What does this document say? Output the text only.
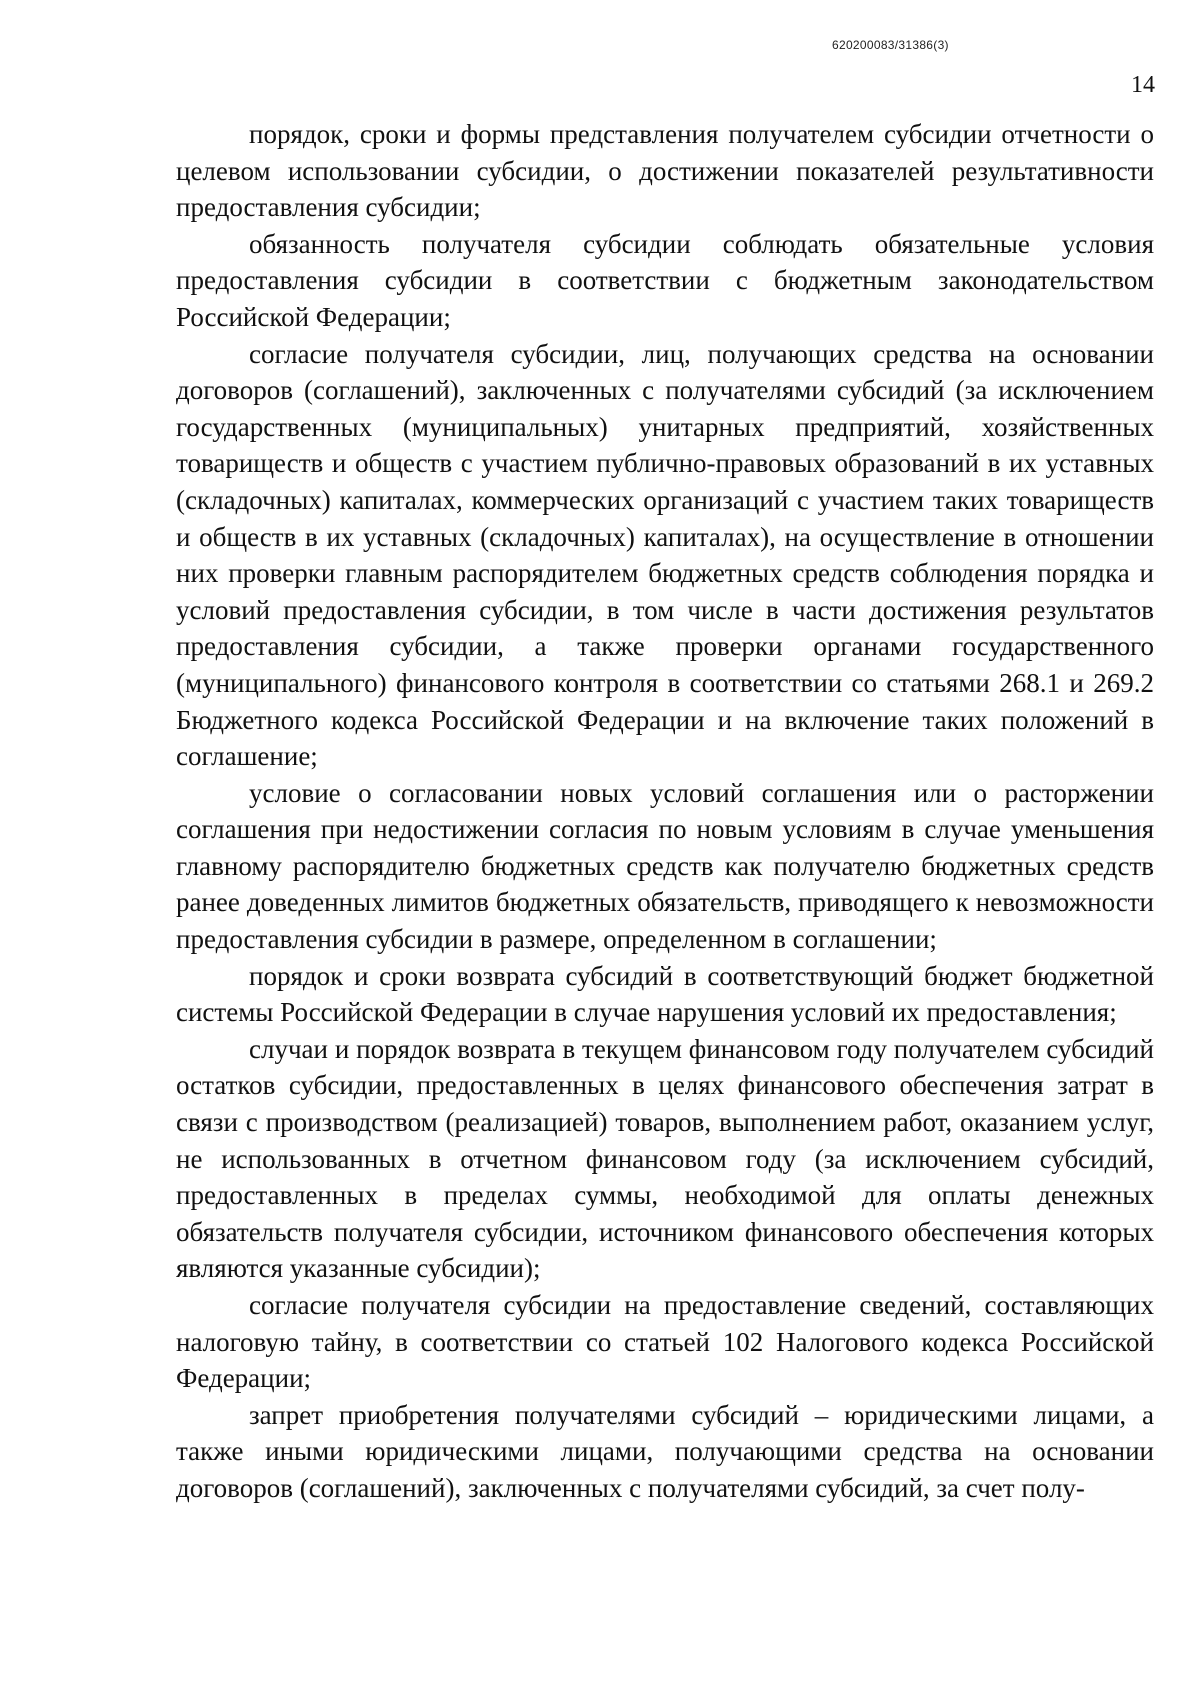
620200083/31386(3)
14

порядок, сроки и формы представления получателем субсидии отчетности о целевом использовании субсидии, о достижении показателей результативности предоставления субсидии;

обязанность получателя субсидии соблюдать обязательные условия предоставления субсидии в соответствии с бюджетным законодательством Российской Федерации;

согласие получателя субсидии, лиц, получающих средства на основании договоров (соглашений), заключенных с получателями субсидий (за исключением государственных (муниципальных) унитарных предприятий, хозяйственных товариществ и обществ с участием публично-правовых образований в их уставных (складочных) капиталах, коммерческих организаций с участием таких товариществ и обществ в их уставных (складочных) капиталах), на осуществление в отношении них проверки главным распорядителем бюджетных средств соблюдения порядка и условий предоставления субсидии, в том числе в части достижения результатов предоставления субсидии, а также проверки органами государственного (муниципального) финансового контроля в соответствии со статьями 268.1 и 269.2 Бюджетного кодекса Российской Федерации и на включение таких положений в соглашение;

условие о согласовании новых условий соглашения или о расторжении соглашения при недостижении согласия по новым условиям в случае уменьшения главному распорядителю бюджетных средств как получателю бюджетных средств ранее доведенных лимитов бюджетных обязательств, приводящего к невозможности предоставления субсидии в размере, определенном в соглашении;

порядок и сроки возврата субсидий в соответствующий бюджет бюджетной системы Российской Федерации в случае нарушения условий их предоставления;

случаи и порядок возврата в текущем финансовом году получателем субсидий остатков субсидии, предоставленных в целях финансового обеспечения затрат в связи с производством (реализацией) товаров, выполнением работ, оказанием услуг, не использованных в отчетном финансовом году (за исключением субсидий, предоставленных в пределах суммы, необходимой для оплаты денежных обязательств получателя субсидии, источником финансового обеспечения которых являются указанные субсидии);

согласие получателя субсидии на предоставление сведений, составляющих налоговую тайну, в соответствии со статьей 102 Налогового кодекса Российской Федерации;

запрет приобретения получателями субсидий – юридическими лицами, а также иными юридическими лицами, получающими средства на основании договоров (соглашений), заключенных с получателями субсидий, за счет полу-
